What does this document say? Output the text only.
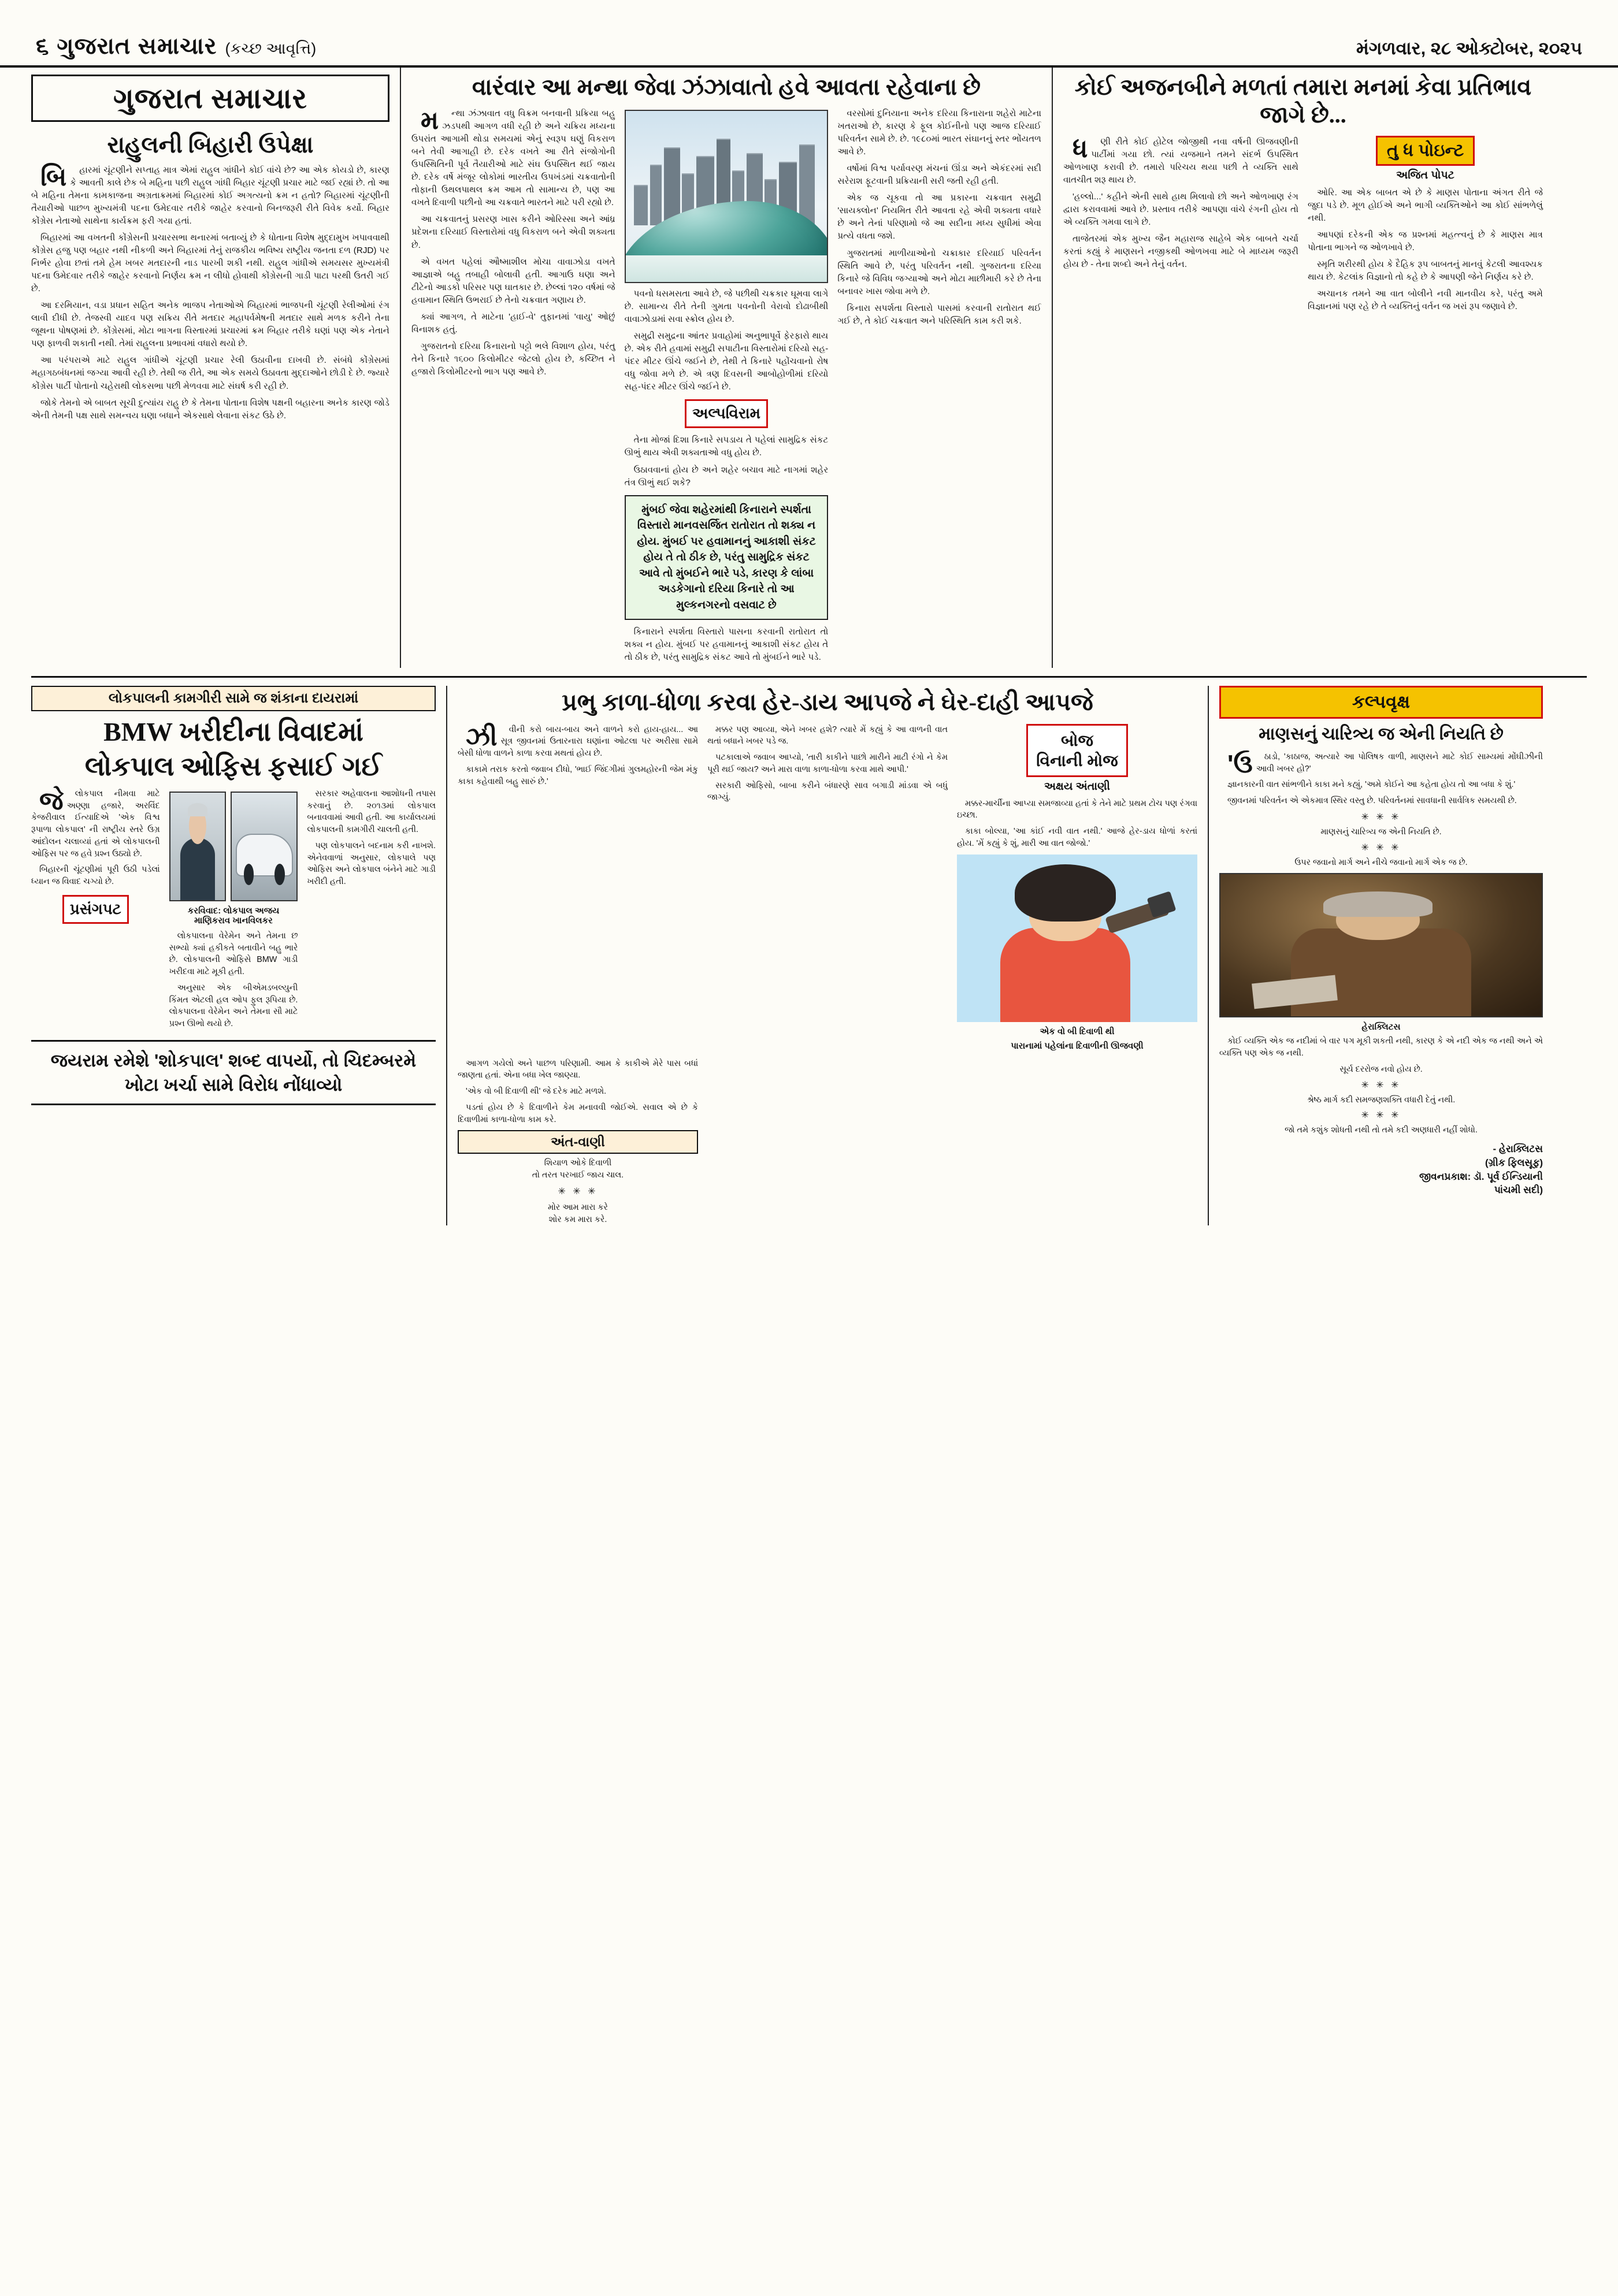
૬ ગુજરાત સમાચાર (કચ્છ આવૃત્તિ)	મંગળવાર, ૨૮ ઓક્ટોબર, ૨૦૨૫
ગુજરાત સમાચાર
રાહુલની બિહારી ઉપેક્ષા

બિહારમાં ચૂંટણીને સપ્તાહ માત્ર એમાં રાહુલ ગાંધીને કોઈ વાંચે છે? આ એક કોયડો છે, કારણ કે આવતી કાલે છેક બે મહિના પછી રાહુલ ગાંધી બિહાર ચૂંટણી પ્રચાર માટે જઈ રહ્યાં છે. તો આ બે મહિના તેમના કામકાજના અગ્રતાક્રમમાં બિહારમાં કોઈ અગત્યનો ક્રમ ન હતો? બિહારમાં ચૂંટણીની તૈયારીઓ પાછળ મુખ્યમંત્રી પદના ઉમેદવાર તરીકે જાહેર કરવાનો બિનજરૂરી રીતે વિવેક કર્યો. બિહાર કોંગ્રેસ નેતાઓ સાથેના કાર્યક્રમ ફરી ગયા હતાં.

બિહારમાં આ વખતની કોંગ્રેસની પ્રચારસભા થનારમાં બતાવ્યું છે કે ધોતાના વિશેષ મુદ્દામુખ ખપાવવાથી કોંગ્રેસ હજુ પણ બહાર નથી નીકળી અને બિહારમાં તેનું રાજકીય ભવિષ્ય રાષ્ટ્રીય જનતા દળ (RJD) પર નિર્ભર હોવા છતાં તમે હેમ ખબર મતદારની નાડ પારખી શકી નથી. રાહુલ ગાંધીએ સમયસર મુખ્યમંત્રી પદના ઉમેદવાર તરીકે જાહેર કરવાનો નિર્ણય ક્રમ ન લીધો હોવાથી કોંગ્રેસની ગાડી પાટા પરથી ઉતરી ગઈ છે.

આ દરમિયાન, વડા પ્રધાન સહિત અનેક ભાજપ નેતાઓએ બિહારમાં ભાજપની ચૂંટણી રેલીઓમાં રંગ લાવી દીધી છે. તેજસ્વી યાદવ પણ સક્રિય રીતે મતદાર મહાપર્વમેષની મતદાર સાથે મળક કરીને તેના જૂથના પોષણમાં છે. કોંગ્રેસમાં, મોટા ભાગના વિસ્તારમાં પ્રચારમાં ક્રમ બિહાર તરીકે ઘણાં પણ એક નેતાને પણ ફાળવી શકાતી નથી. તેમાં રાહુલના પ્રભાવમાં વધારો થયો છે.

આ પરંપરાએ માટે રાહુલ ગાંધીએ ચૂંટણી પ્રચાર રેલી ઉઠાવીના દાખવી છે. સંબંધે કોંગ્રેસમાં મહાગઠબંધનમાં જગ્યા આવી રહી છે. તેથી જ રીતે, આ એક સમયે ઉઠાવતા મુદ્દાઓને છોડી દે છે. જ્યારે કોંગ્રેસ પાર્ટી પોતાનો ચહેરાથી લોકસભા પછી મેળવવા માટે સંઘર્ષ કરી રહી છે.

જોકે તેમનો એ બાબત સૂચી દુત્યાંય રાહુ છે કે તેમના પોતાના વિશેષ પક્ષની બહારના અનેક કારણ જોડે એની તેમની પક્ષ સાથે સમન્વય ઘણા બધાને એકસાથે લેવાના સંકટ ઉઠે છે.

વારંવાર આ મન્થા જેવા ઝંઝાવાતો હવે આવતા રહેવાના છે

મન્થા ઝંઝાવાત વધુ વિક્રમ બનવાની પ્રક્રિયા બહુ ઝડપથી આગળ વધી રહી છે અને ચક્રિય મધ્યના ઉપરાંત આગામી થોડા સમયમાં એનું સ્વરૂપ ઘણું વિકરાળ બને તેવી આગાહી છે. દરેક વખતે આ રીતે સંજોગોની ઉપસ્થિતિની પૂર્વ તૈયારીઓ માટે સંઘ ઉપસ્થિત થઈ જાય છે. દરેક વર્ષે મંજૂર લોકોમાં ભારતીય ઉપખંડમાં ચક્રવાતોની તોફાની ઉથલપાથલ ક્રમ આમ તો સામાન્ય છે, પણ આ વખતે દિવાળી પછીનો આ ચક્રવાતે ભારતને માટે પરી રહ્યો છે.

આ ચક્રવાતનું પ્રસરણ ખાસ કરીને ઓરિસ્સા અને આંધ્ર પ્રદેશના દરિયાઈ વિસ્તારોમાં વધુ વિકરાળ બને એવી શક્યતા છે.

એ વખત પહેલાં ઔષ્માશીલ મોચા વાવાઝોડા વખતે આજ્ઞાએ બહુ તબાહી બોલાવી હતી. આગાઉ ઘણા અને ટીટેનો આડકો પરિસર પણ ઘાતકાર છે. છેલ્લાં ૧૨૦ વર્ષમાં જે હવામાન સ્થિતિ ઉભરાઈ છે તેનો ચક્રવાત ગણાય છે.

ક્યાં આગળ, તે માટેના 'હાઈ-વે' તુફાનમાં 'વાયુ' ઓછું વિનાશક હતું.

ગુજરાતનો દરિયા કિનારાનો પટ્ટો ભલે વિશાળ હોય, પરંતુ તેને કિનારે ૧૬૦૦ કિલોમીટર જેટલો હોય છે, કચ્છિત ને હજારો કિલોમીટરનો ભાગ પણ આવે છે.

પવનો ધસમસતા આવે છે, જે પછીથી ચક્રકાર ઘૂમવા લાગે છે. સામાન્ય રીતે તેની ગુમતા પવનોની વેરાવો દોઢાબીથી વાવાઝોડામાં સવા સ્ક્રોલ હોય છે.

સમુદ્રી સમુદ્રના આંતર પ્રવાહોમાં અનુભાપૂર્વે ફેરફારો થાય છે. એક રીતે હવામાં સમુદ્રી સપાટીના વિસ્તારોમાં દરિયો સહ-પંદર મીટર ઊંચે જઈને છે, તેથી તે કિનારે પહોંચવાનો રોષ વધુ જોવા મળે છે. એ ત્રણ દિવસની આબોહોળીમાં દરિયો સહ-પંદર મીટર ઊંચે જઈને છે.

અલ્પવિરામ

તેના મોજાં દિશા કિનારે સપડાય તે પહેલાં સામુદ્રિક સંકટ ઊભું થાય એવી શક્યતાઓ વધુ હોય છે.

ઉઠાવવાનાં હોય છે અને શહેર બચાવ માટે નાગમાં શહેર તંત્ર ઊભું થઈ શકે?

મુંબઈ જેવા શહેરમાંથી કિનારાને સ્પર્શતા વિસ્તારો માનવસર્જિત રાતોરાત તો શક્ય ન હોય. મુંબઈ પર હવામાનનું આકાશી સંકટ હોય તે તો ઠીક છે, પરંતુ સામુદ્રિક સંકટ આવે તો મુંબઈને ભારે પડે, કારણ કે લાંબા અડકેગાનો દરિયા કિનારે તો આ મુલ્કનગરનો વસવાટ છે

કિનારાને સ્પર્શતા વિસ્તારો પાસના કરવાની રાતોરાત તો શક્ય ન હોય. મુંબઈ પર હવામાનનું આકાશી સંકટ હોય તે તો ઠીક છે, પરંતુ સામુદ્રિક સંકટ આવે તો મુંબઈને ભારે પડે.

વરસોમાં દુનિયાના અનેક દરિયા કિનારાના શહેરો માટેના ખતરાઓ છે, કારણ કે ફૂલ કોઈનીનો પણ આજ દરિયાઈ પરિવર્તન સામે છે. છે. ૧૯૮૦માં ભારત સંઘાનનું સ્તર ભોંયતળ આવે છે.

વર્ષોમાં વિશ્વ પર્યાવરણ મંચનાં ઊંડા અને એકંદરમાં સદી સરેરાશ ફૂટવાની પ્રક્રિયાની સરી જતી રહી હતી.

એક જ ચૂકવા તો આ પ્રકારના ચક્રવાત સમુદ્રી 'સાયક્લોન' નિયમિત રીતે આવતા રહે એવી શક્યતા વધારે છે અને તેનાં પરિણામો જે આ સદીના મધ્ય સુધીમાં એવા પ્રત્યે વધતા જશે.

ગુજરાતમાં માળીયાઓનો ચક્રાકાર દરિયાઈ પરિવર્તન સ્થિતિ આવે છે, પરંતુ પરિવર્તન નથી. ગુજરાતના દરિયા કિનારે જે વિવિધ જગ્યાઓ અને મોટા માછીમારી કરે છે તેના બનાવર ખાસ જોવા મળે છે.

કિનારા સપર્શતા વિસ્તારો પાસમાં કરવાની રાતોરાત થઈ ગઈ છે, તે કોઈ ચક્રવાત અને પરિસ્થિતિ કામ કરી શકે.

કોઈ અજનબીને મળતાં તમારા મનમાં કેવા પ્રતિભાવ જાગે છે...

ધણી રીતે કોઈ હોટેલ જોજીથી નવા વર્ષની ઊજવણીની પાર્ટીમાં ગયા છો. ત્યાં યજમાને તમને સંદર્ભ ઉપસ્થિત ઓળખાણ કરાવી છે. તમારો પરિચય થયા પછી તે વ્યક્તિ સાથે વાતચીત શરૂ થાય છે.

'હલ્લો...' કહીને એની સાથે હાથ મિલાવો છો અને ઓળખાણ રંગ દ્વારા કરાવવામાં આવે છે. પ્રસ્તાવ તરીકે આપણા વાંચે રંગની હોય તો એ વ્યક્તિ ગમવા લાગે છે.

તાજેતરમાં એક મુખ્ય જૈન મહારાજ સાહેબે એક બાબતે ચર્ચા કરતાં કહ્યું કે માણસને નજીકથી ઓળખવા માટે બે માધ્યમ જરૂરી હોય છે - તેના શબ્દો અને તેનું વર્તન.

તુ ધ પોઇન્ટ
અજિત પોપટ

ઓરિ. આ એક બાબત એ છે કે માણસ પોતાના અંગત રીતે જે જુદા પડે છે. મૂળ હોઈએ અને ભાગી વ્યક્તિઓને આ કોઈ સાંભળેલું નથી.

આપણાં દરેકની એક જ પ્રશ્નમાં મહત્ત્વનું છે કે માણસ માત્ર પોતાના ભાગને જ ઓળખાવે છે.

સ્મૃતિ શરીરથી હોય કે દૈહિક રૂપ બાબતનું માનવું કેટલી આવશ્યક થાય છે. કેટલાંક વિજ્ઞાનો તો કહે છે કે આપણી જેને નિર્ણય કરે છે.

અચાનક તમને આ વાત બોલીને નવી માનવીય કરે, પરંતુ અમે વિજ્ઞાનમાં પણ રહે છે તે વ્યક્તિનું વર્તન જ ખરાં રૂપ જણાવે છે.

લોકપાલની કામગીરી સામે જ શંકાના દાયરામાં
BMW ખરીદીના વિવાદમાં
લોકપાલ ઓફિસ ફસાઈ ગઈ

જેલોકપાલ નીમવા માટે અણ્ણા હજારે, અરવિંદ કેજરીવાલ ઈત્યાદિએ 'એક વિશ્વ રૂપાળા લોકપાલ' ની રાષ્ટ્રીય સ્તરે ઉગ્ર આંદોલન ચલાવ્યાં હતાં એ લોકપાલની ઓફિસ પર જ હવે પ્રશ્ન ઉઠ્યો છે.

બિહારની ચૂંટણીમાં પૂરી ઉઠી પડેલાં ધ્યાન જ વિવાદ ચગ્યો છે.

પ્રસંગપટ	કરવિવાદ: લોકપાલ અજય માણિકરાવ ખાનવિલકર

લોકપાલના વેરેમેન અને તેમના છ સભ્યો ક્યાં હકીકતે બતાવીને બહુ ભારે છે. લોકપાલની ઓફિસે BMW ગાડી ખરીદવા માટે મૂકી હતી.

અનુસાર એક બીએમડબલ્યુની કિંમત એટલી હલ ઓપ ફુલ રૂપિયા છે. લોકપાલના વેરેમેન અને તેમના સૌ માટે પ્રશ્ન ઊભો થયો છે.

સરકાર અહેવાલના આશોધની તપાસ કરવાનું છે. ૨૦૧૩માં લોકપાલ બનાવવામાં આવી હતી. આ કાર્યાલયમાં લોકપાલની કામગીરી ચાલતી હતી.

પણ લોકપાલને બદનામ કરી નાખશે. એનેવવાળાં અનુસાર, લોકપાલે પણ ઓફિસ અને લોકપાલ બંનેને માટે ગાડી ખરીદી હતી.

જયરામ રમેશે 'શોકપાલ' શબ્દ વાપર્યો, તો ચિદમ્બરમે ખોટા ખર્ચા સામે વિરોધ નોંધાવ્યો
પ્રભુ કાળા-ધોળા કરવા હેર-ડાય આપજે ને ઘેર-દાહી આપજે

ઝીવીની કરો બાય-બાય અને વાળને કરો હાય-હાય... આ સૂત્ર જીવનમાં ઉતારનારા ઘણાંના ઓટલા પર અરીસા સામે બેસી ધોળા વાળને કાળા કરવા મથતાં હોય છે.

કાકામે તરાક કરતો જવાબ દીધો, 'ભાઈ જિંદગીમાં ગુલમહોરની જેમ મંકુ કાકા કહેવાથી બહુ સારું છે.'

મક્કર પણ આવ્યા, એને ખબર હશે? ત્યારે મેં કહ્યું કે આ વાળની વાત થતાં બધાને ખબર પડે જ.

પટકાલાએ જવાબ આપ્યો, 'તારી કાકીને પાછો મારીને માટી રંગો ને કેમ પૂરી થઈ જાય? અને મારા વાળા કાળા-ધોળા કરવા માથે આપી.'

સરકારી ઓફિસો, બાબા કરીને બંધારણે સાવ બગાડી માંડવા એ બધું જાગ્યું.

બોજ
વિનાની મોજ
અક્ષય અંતાણી

મક્કર-માર્ચીના આપ્યા સમજાવ્યા હતાં કે તેને માટે પ્રથમ ટોચ પણ રંગવા ઇચ્છા.

કાકા બોલ્યા, 'આ કાંઈ નવી વાત નથી.' આજે હેર-ડાય ધોળાં કરતાં હોય. 'મેં કહ્યું કે શું, મારી આ વાત જોજો.'

એક વો બી દિવાળી થી
પારાનામાં પહેલાંના દિવાળીની ઊજવણી

આગળ ગયેલો અને પાછળ પરિણામી. આમ કે કાકીએ મેરે પાસ બધાં જાણતા હતાં. એના બધા ખેલ જાણ્યા.

'એક વો બી દિવાળી થી' જે દરેક માટે મળશે.

પડતાં હોય છે કે દિવાળીને કેમ મનાવવી જોઈએ. સવાલ એ છે કે દિવાળીમાં કાળા-ધોળા કામ કરે.

અંત-વાણી
શિયાળ ઓકે દિવાળી
તો તરત પરખાઈ જાય ચાલ.
✳ ✳ ✳
મોર આમ મારા કરે
શોર કમ મારા કરે.
કલ્પવૃક્ષ
માણસનું ચારિત્ર્ય જ એની નિયતિ છે

'ઉઠાડો, 'કાઠાજ, અત્યારે આ પોલિષક વાળી, માણસને માટે કોઈ સામ્યમાં મોંઘીઝીની આવી ખબર હો?'

જ્ઞાનકારની વાત સાંભળીને કાકા મને કહ્યું, 'અમે કોઈને આ કહેતા હોય તો આ બધા કે શું.'

જીવનમાં પરિવર્તન એ એકમાત્ર સ્થિર વસ્તુ છે. પરિવર્તનમાં સાવધાની સાર્વત્રિક સમયથી છે.

✳ ✳ ✳
માણસનું ચારિત્ર્ય જ એની નિયતિ છે.
✳ ✳ ✳
ઉપર જવાનો માર્ગ અને નીચે જવાનો માર્ગ એક જ છે.
હેરાક્લિટસ

કોઈ વ્યક્તિ એક જ નદીમાં બે વાર પગ મૂકી શકતી નથી, કારણ કે એ નદી એક જ નથી અને એ વ્યક્તિ પણ એક જ નથી.

સૂર્ય દરરોજ નવો હોય છે.
✳ ✳ ✳
શ્રેષ્ઠ માર્ગ કદી સમજણશક્તિ વધારી દેતું નથી.
✳ ✳ ✳
જો તમે કશુંક શોધતી નથી તો તમે કદી અણધારી નહીં શોધો.
- હેરાક્લિટસ
(ગ્રીક ફિલસૂફ)
જીવનપ્રકાશ: ડૉ. પૂર્વ ઈન્ડિયાની
પાંચમી સદી)
